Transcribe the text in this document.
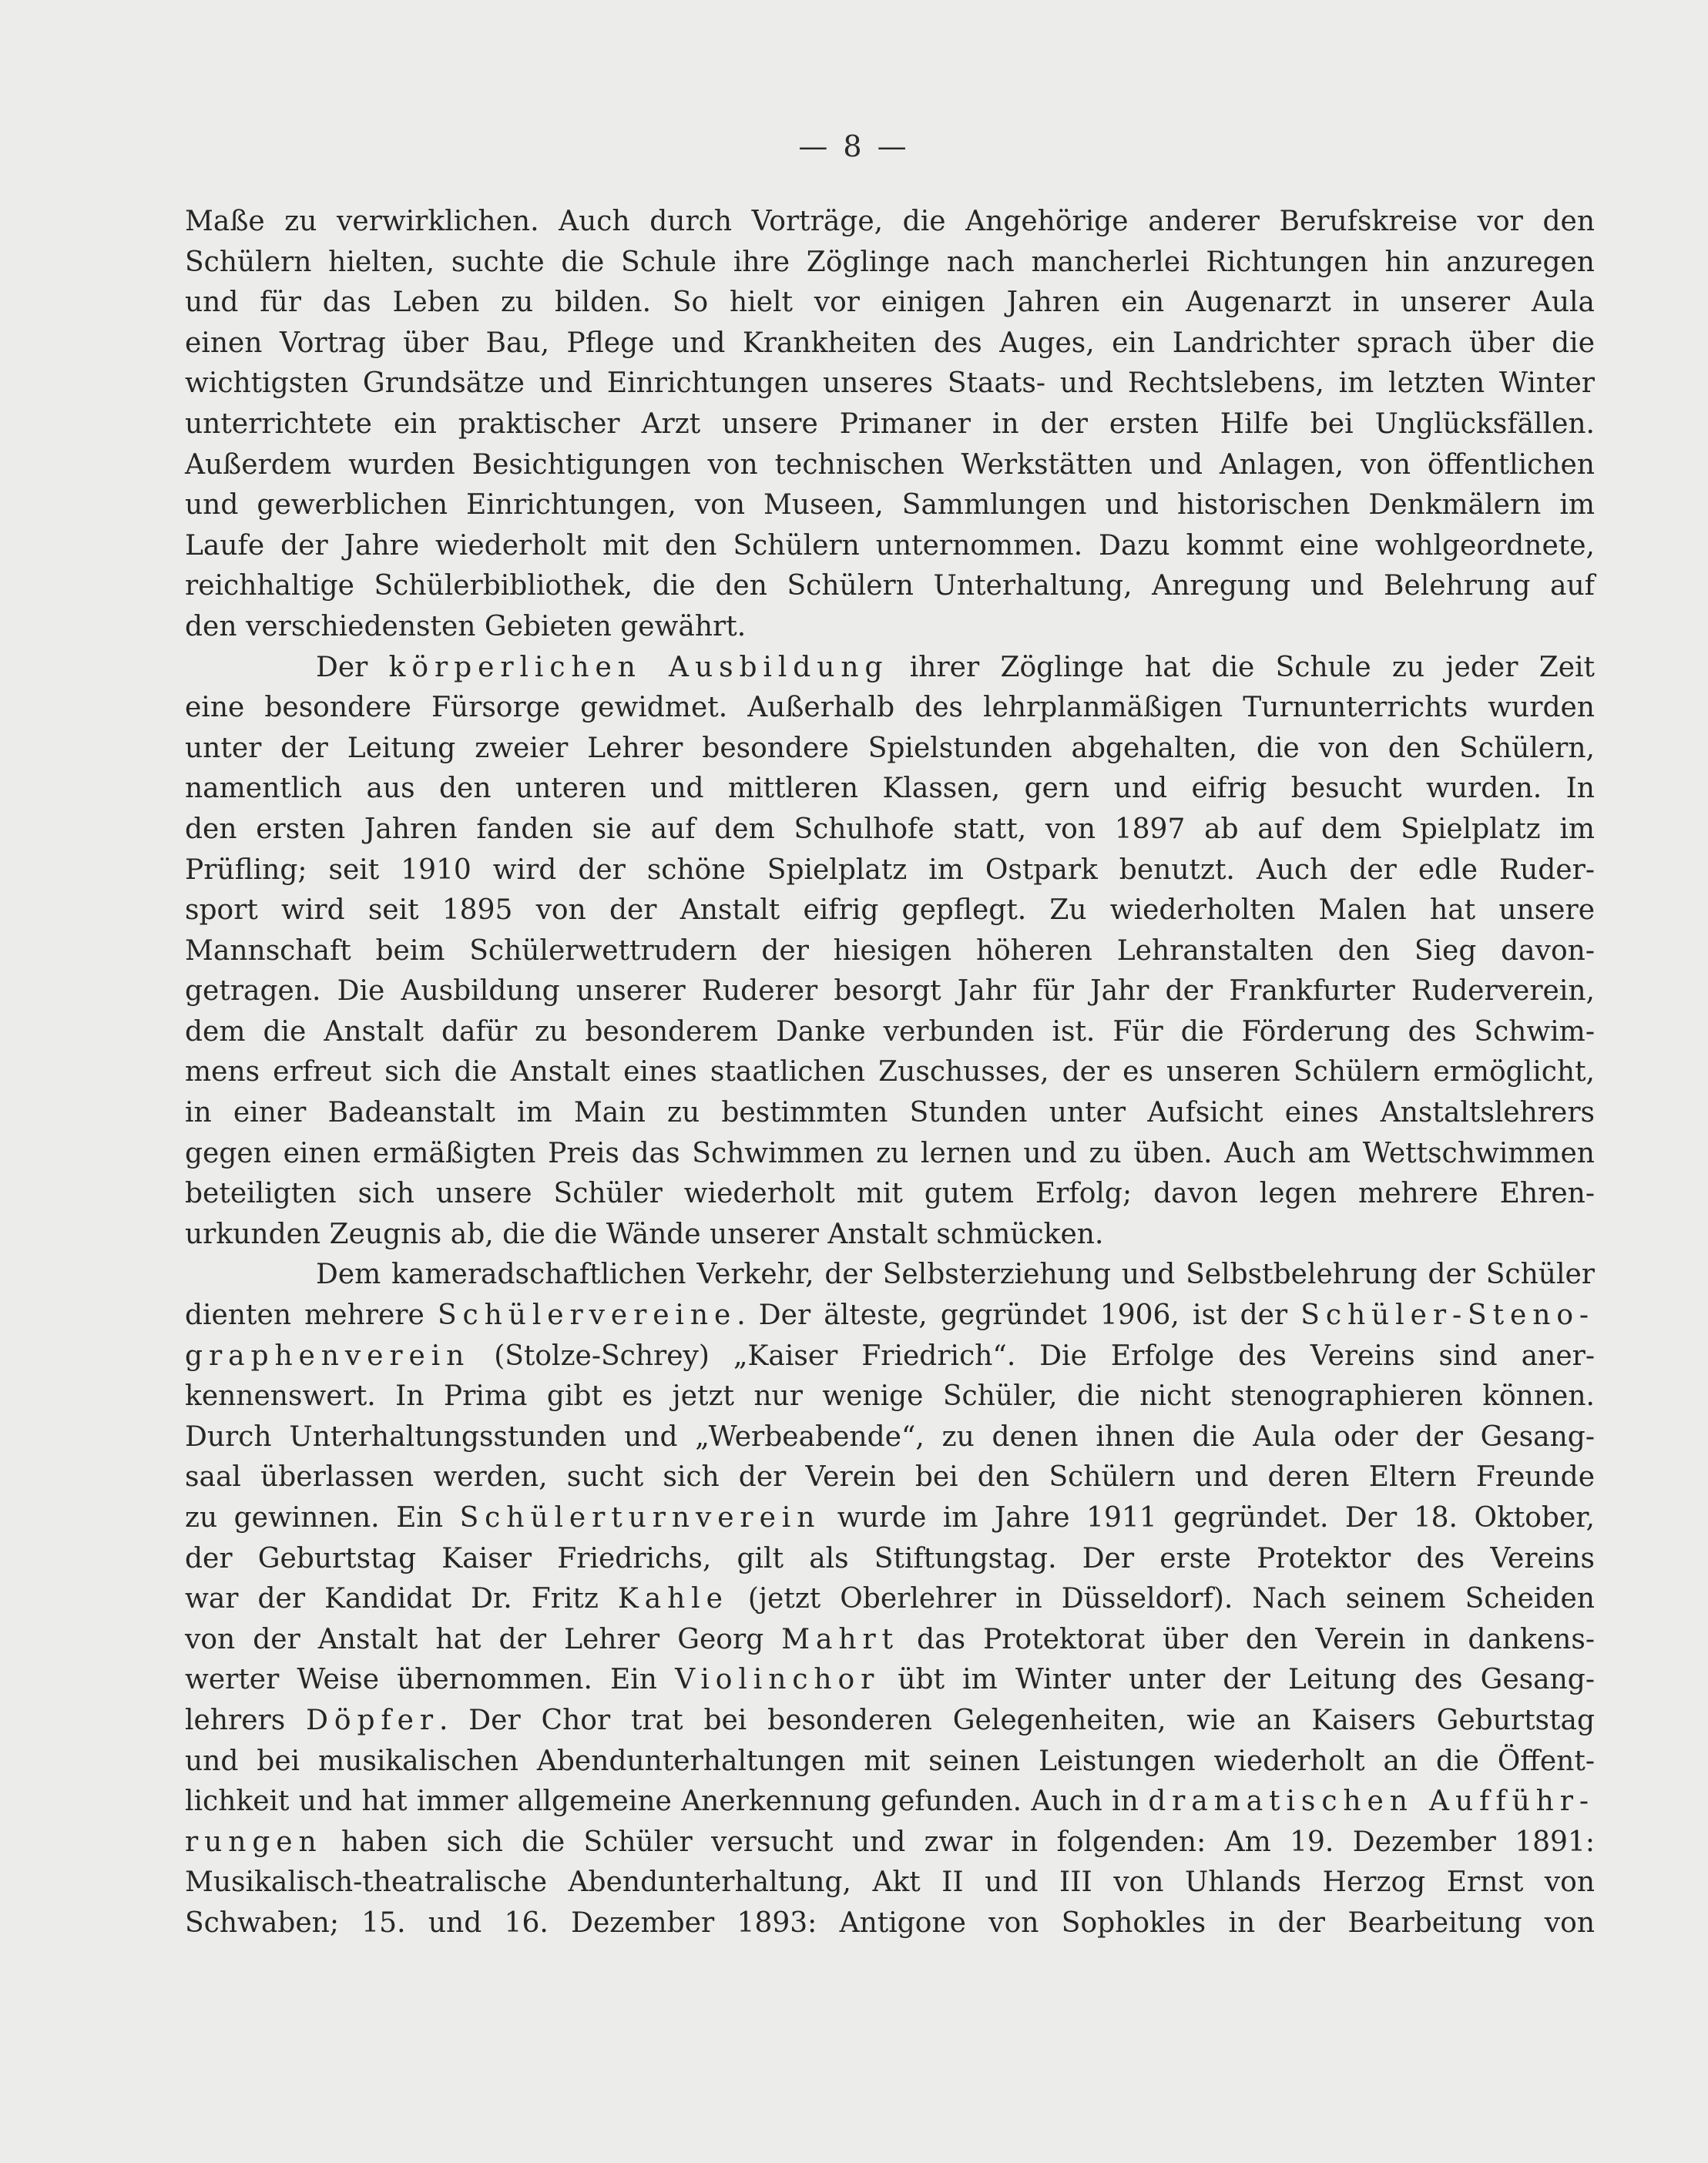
— 8 —

Maße zu verwirklichen. Auch durch Vorträge, die Angehörige anderer Berufskreise vor den
Schülern hielten, suchte die Schule ihre Zöglinge nach mancherlei Richtungen hin anzuregen
und für das Leben zu bilden. So hielt vor einigen Jahren ein Augenarzt in unserer Aula
einen Vortrag über Bau, Pflege und Krankheiten des Auges, ein Landrichter sprach über die
wichtigsten Grundsätze und Einrichtungen unseres Staats- und Rechtslebens, im letzten Winter
unterrichtete ein praktischer Arzt unsere Primaner in der ersten Hilfe bei Unglücksfällen.
Außerdem wurden Besichtigungen von technischen Werkstätten und Anlagen, von öffentlichen
und gewerblichen Einrichtungen, von Museen, Sammlungen und historischen Denkmälern im
Laufe der Jahre wiederholt mit den Schülern unternommen. Dazu kommt eine wohlgeordnete,
reichhaltige Schülerbibliothek, die den Schülern Unterhaltung, Anregung und Belehrung auf
den verschiedensten Gebieten gewährt.

Der körperlichen Ausbildung ihrer Zöglinge hat die Schule zu jeder Zeit
eine besondere Fürsorge gewidmet. Außerhalb des lehrplanmäßigen Turnunterrichts wurden
unter der Leitung zweier Lehrer besondere Spielstunden abgehalten, die von den Schülern,
namentlich aus den unteren und mittleren Klassen, gern und eifrig besucht wurden. In
den ersten Jahren fanden sie auf dem Schulhofe statt, von 1897 ab auf dem Spielplatz im
Prüfling; seit 1910 wird der schöne Spielplatz im Ostpark benutzt. Auch der edle Ruder-
sport wird seit 1895 von der Anstalt eifrig gepflegt. Zu wiederholten Malen hat unsere
Mannschaft beim Schülerwettrudern der hiesigen höheren Lehranstalten den Sieg davon-
getragen. Die Ausbildung unserer Ruderer besorgt Jahr für Jahr der Frankfurter Ruderverein,
dem die Anstalt dafür zu besonderem Danke verbunden ist. Für die Förderung des Schwim-
mens erfreut sich die Anstalt eines staatlichen Zuschusses, der es unseren Schülern ermöglicht,
in einer Badeanstalt im Main zu bestimmten Stunden unter Aufsicht eines Anstaltslehrers
gegen einen ermäßigten Preis das Schwimmen zu lernen und zu üben. Auch am Wettschwimmen
beteiligten sich unsere Schüler wiederholt mit gutem Erfolg; davon legen mehrere Ehren-
urkunden Zeugnis ab, die die Wände unserer Anstalt schmücken.

Dem kameradschaftlichen Verkehr, der Selbsterziehung und Selbstbelehrung der Schüler
dienten mehrere Schülervereine. Der älteste, gegründet 1906, ist der Schüler-Steno-
graphenverein (Stolze-Schrey) „Kaiser Friedrich“. Die Erfolge des Vereins sind aner-
kennenswert. In Prima gibt es jetzt nur wenige Schüler, die nicht stenographieren können.
Durch Unterhaltungsstunden und „Werbeabende“, zu denen ihnen die Aula oder der Gesang-
saal überlassen werden, sucht sich der Verein bei den Schülern und deren Eltern Freunde
zu gewinnen. Ein Schülerturnverein wurde im Jahre 1911 gegründet. Der 18. Oktober,
der Geburtstag Kaiser Friedrichs, gilt als Stiftungstag. Der erste Protektor des Vereins
war der Kandidat Dr. Fritz Kahle (jetzt Oberlehrer in Düsseldorf). Nach seinem Scheiden
von der Anstalt hat der Lehrer Georg Mahrt das Protektorat über den Verein in dankens-
werter Weise übernommen. Ein Violinchor übt im Winter unter der Leitung des Gesang-
lehrers Döpfer. Der Chor trat bei besonderen Gelegenheiten, wie an Kaisers Geburtstag
und bei musikalischen Abendunterhaltungen mit seinen Leistungen wiederholt an die Öffent-
lichkeit und hat immer allgemeine Anerkennung gefunden. Auch in dramatischen Aufführ-
rungen haben sich die Schüler versucht und zwar in folgenden: Am 19. Dezember 1891:
Musikalisch-theatralische Abendunterhaltung, Akt II und III von Uhlands Herzog Ernst von
Schwaben; 15. und 16. Dezember 1893: Antigone von Sophokles in der Bearbeitung von
